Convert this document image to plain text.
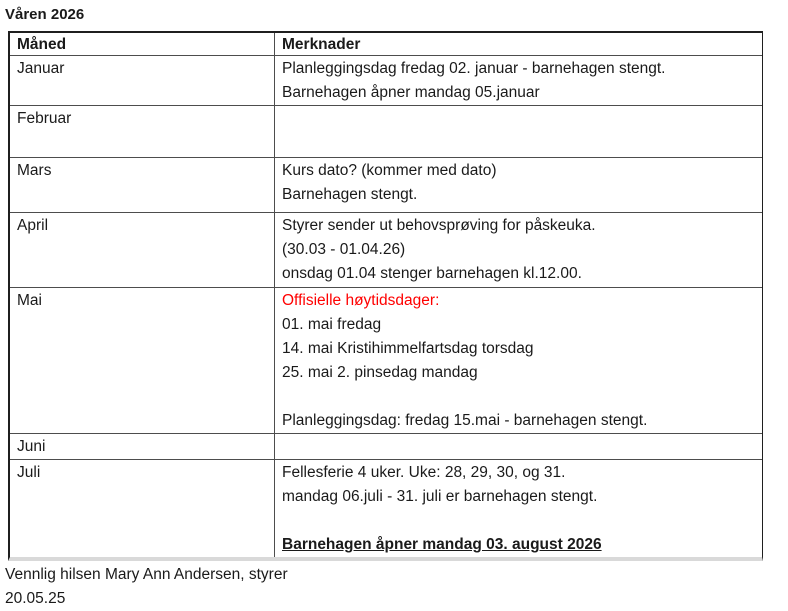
Våren 2026
Måned	Merknader
Januar	Planleggingsdag fredag 02. januar - barnehagen stengt.
Barnehagen åpner mandag 05.januar

Februar	
Mars	Kurs dato? (kommer med dato)
Barnehagen stengt.

April	Styrer sender ut behovsprøving for påskeuka.
(30.03 - 01.04.26)
onsdag 01.04 stenger barnehagen kl.12.00.

Mai	Offisielle høytidsdager:
01. mai fredag
14. mai Kristihimmelfartsdag torsdag
25. mai 2. pinsedag mandag

Planleggingsdag: fredag 15.mai - barnehagen stengt.

Juni	
Juli	Fellesferie 4 uker. Uke: 28, 29, 30, og 31.
mandag 06.juli - 31. juli er barnehagen stengt.

Barnehagen åpner mandag 03. august 2026
Vennlig hilsen Mary Ann Andersen, styrer
20.05.25
